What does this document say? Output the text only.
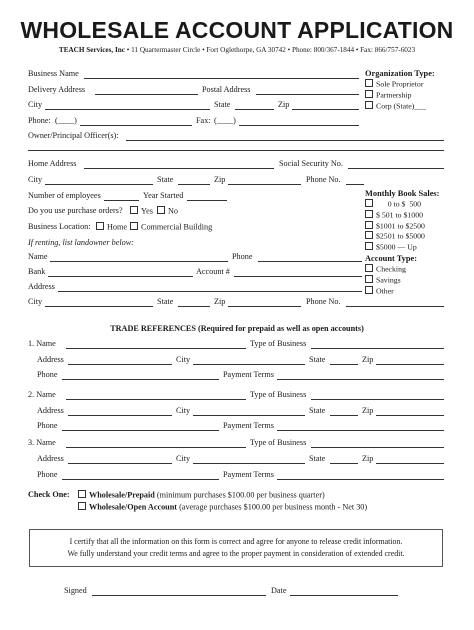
WHOLESALE ACCOUNT APPLICATION
TEACH Services, Inc • 11 Quartermaster Circle • Fort Oglethorpe, GA 30742 • Phone: 800/367-1844 • Fax: 866/757-6023
Business Name
Delivery Address	Postal Address
City	State	Zip
Phone: (____)	Fax: (____)
Owner/Principal Officer(s):
Organization Type:
Sole Proprietor
Partnership
Corp (State)___
Home Address	Social Security No.
City	State	Zip	Phone No.
Number of employees	Year Started
Do you use purchase orders?	Yes	No
Business Location:	Home	Commercial Building
If renting, list landowner below:
Name	Phone
Bank	Account #
Address
City	State	Zip	Phone No.
Monthly Book Sales:
0 to $  500
$ 501 to $1000
$1001 to $2500
$2501 to $5000
$5000 — Up
Account Type:
Checking
Savings
Other
TRADE REFERENCES (Required for prepaid as well as open accounts)
1. Name	Type of Business
Address	City	State	Zip
Phone	Payment Terms
2. Name	Type of Business
Address	City	State	Zip
Phone	Payment Terms
3. Name	Type of Business
Address	City	State	Zip
Phone	Payment Terms
Check One:	Wholesale/Prepaid (minimum purchases $100.00 per business quarter)
Wholesale/Open Account (average purchases $100.00 per business month - Net 30)
I certify that all the information on this form is correct and agree for anyone to release credit information.
We fully understand your credit terms and agree to the proper payment in consideration of extended credit.
Signed	Date
